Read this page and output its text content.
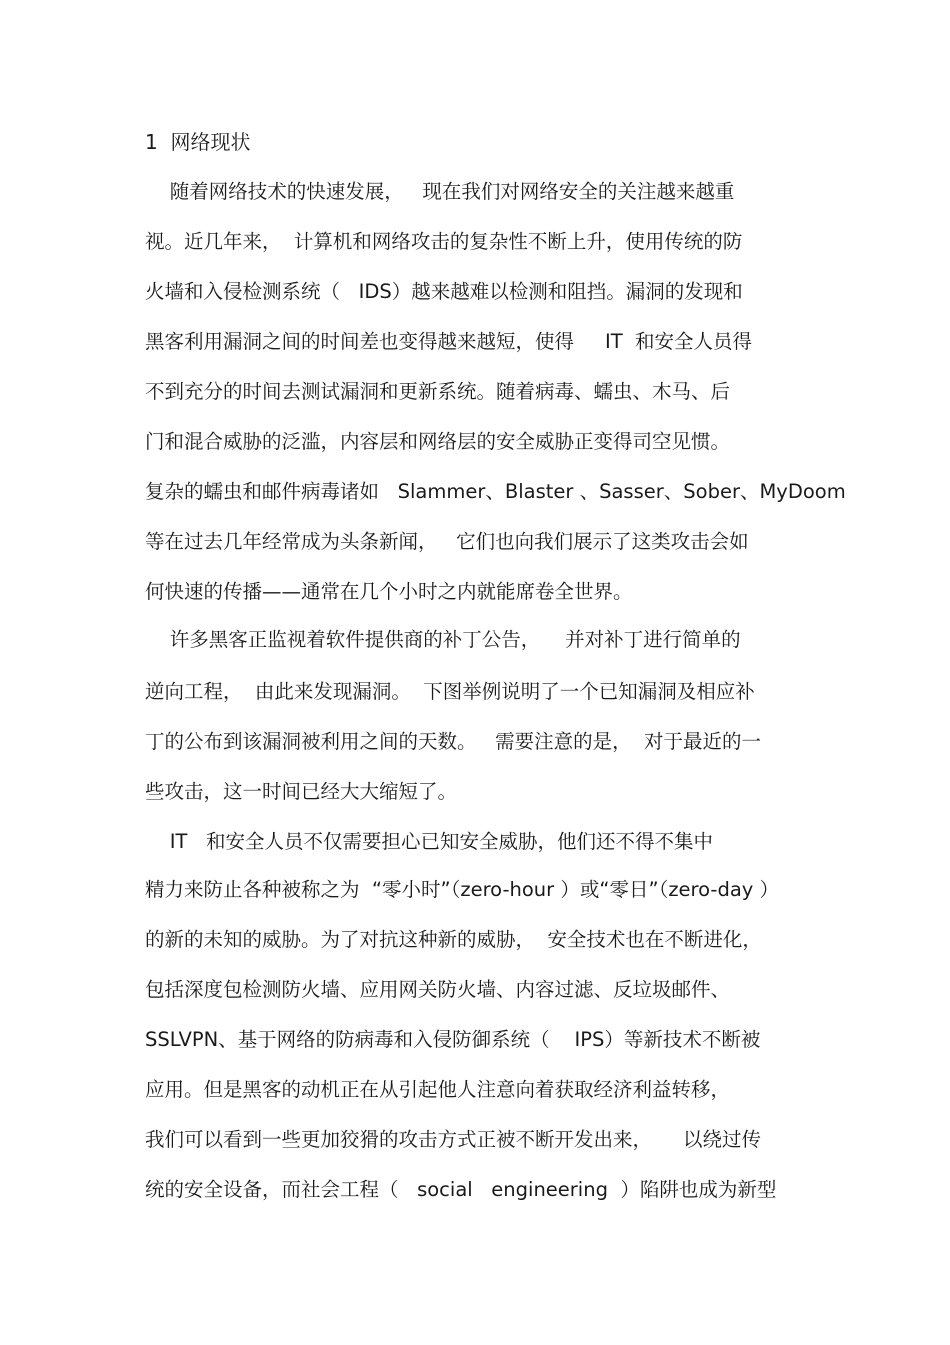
1  网络现状
随着网络技术的快速发展，   现在我们对网络安全的关注越来越重
视。近几年来，  计算机和网络攻击的复杂性不断上升，使用传统的防
火墙和入侵检测系统（   IDS）越来越难以检测和阻挡。漏洞的发现和
黑客利用漏洞之间的时间差也变得越来越短，使得     IT  和安全人员得
不到充分的时间去测试漏洞和更新系统。随着病毒、蠕虫、木马、后
门和混合威胁的泛滥，内容层和网络层的安全威胁正变得司空见惯。
复杂的蠕虫和邮件病毒诸如   Slammer、Blaster 、Sasser、Sober、MyDoom
等在过去几年经常成为头条新闻，   它们也向我们展示了这类攻击会如
何快速的传播——通常在几个小时之内就能席卷全世界。
许多黑客正监视着软件提供商的补丁公告，    并对补丁进行简单的
逆向工程，  由此来发现漏洞。  下图举例说明了一个已知漏洞及相应补
丁的公布到该漏洞被利用之间的天数。   需要注意的是，  对于最近的一
些攻击，这一时间已经大大缩短了。
IT   和安全人员不仅需要担心已知安全威胁，他们还不得不集中
精力来防止各种被称之为  “零小时”（zero-hour ）或“零日”（zero-day ）
的新的未知的威胁。为了对抗这种新的威胁，  安全技术也在不断进化，
包括深度包检测防火墙、应用网关防火墙、内容过滤、反垃圾邮件、
SSLVPN、基于网络的防病毒和入侵防御系统（    IPS）等新技术不断被
应用。但是黑客的动机正在从引起他人注意向着获取经济利益转移，
我们可以看到一些更加狡猾的攻击方式正被不断开发出来，     以绕过传
统的安全设备，而社会工程（   social   engineering  ）陷阱也成为新型
